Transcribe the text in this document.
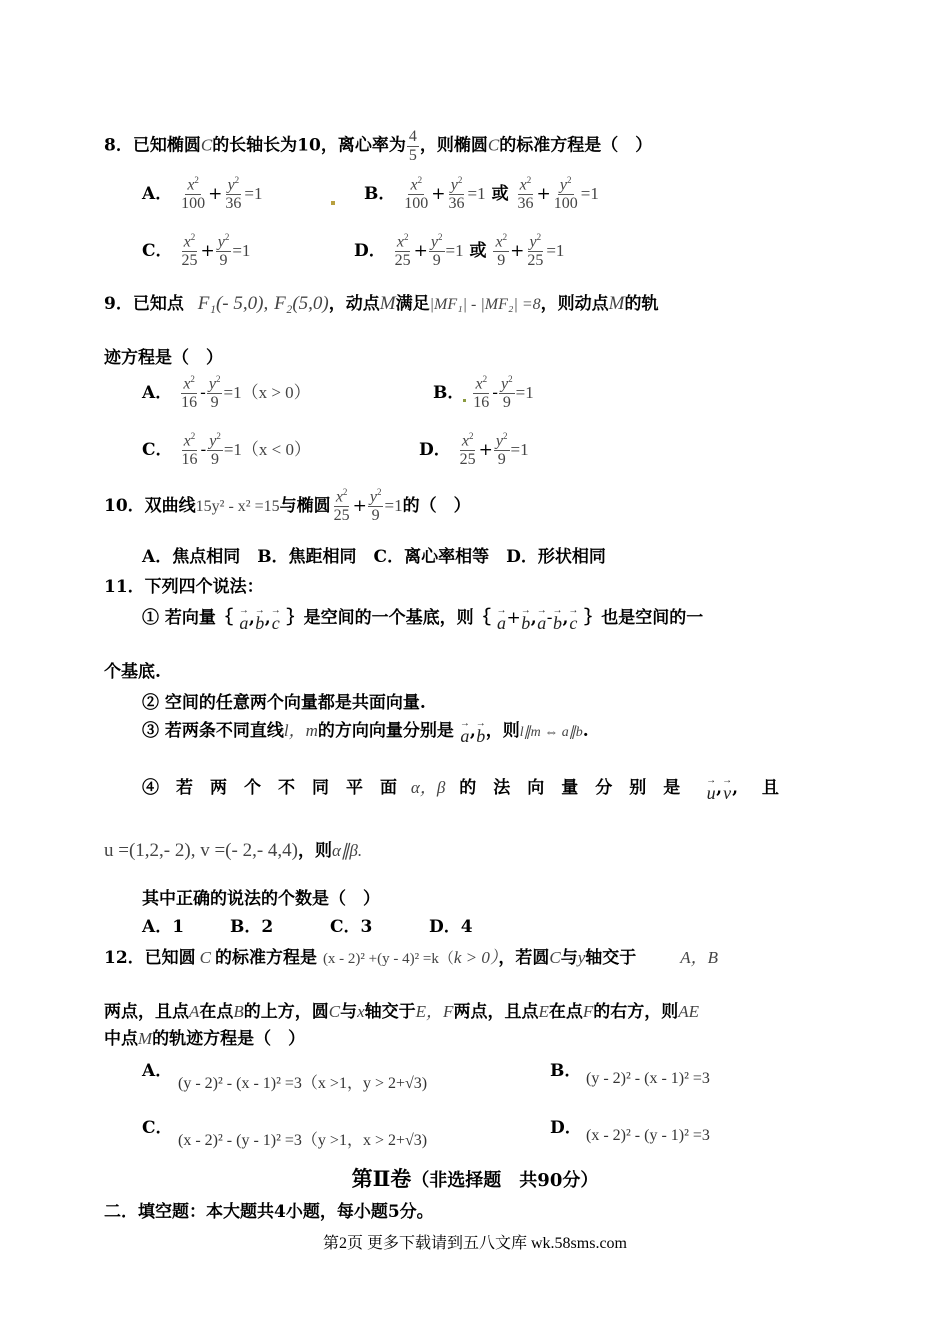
8．已知椭圆C的长轴长为10，离心率为 $\frac{4}{5}$ ，则椭圆C的标准方程是（　）
A． $\frac{x^2}{100} + \frac{y^2}{36} =1$	B． $\frac{x^2}{100} + \frac{y^2}{36} =1$ 或 $\frac{x^2}{36} + \frac{y^2}{100} =1$
C． $\frac{x^2}{25} + \frac{y^2}{9} =1$	D． $\frac{x^2}{25} + \frac{y^2}{9} =1$ 或 $\frac{x^2}{9} + \frac{y^2}{25} =1$
9．已知点 F₁(- 5,0), F₂(5,0)，动点M满足|MF₁| - |MF₂| =8，则动点M的轨
迹方程是（　）
A． $\frac{x^2}{16} - \frac{y^2}{9} =1(x > 0)$	B． $\frac{x^2}{16} - \frac{y^2}{9} =1$
C． $\frac{x^2}{16} - \frac{y^2}{9} =1(x < 0)$	D． $\frac{x^2}{25} + \frac{y^2}{9} =1$
10．双曲线15y² - x² =15与椭圆 $\frac{x^2}{25} + \frac{y^2}{9} =1$的（　）
A．焦点相同　B．焦距相同　C．离心率相等　D．形状相同
11．下列四个说法：
① 若向量｛ →
a, →
b, →
c ｝是空间的一个基底，则｛ →
a+ →
b, →
a- →
b, →
c ｝也是空间的一
个基底.
② 空间的任意两个向量都是共面向量.
③ 若两条不同直线l，m的方向向量分别是 →
a, →
b，则l∥m ⇔ a∥b.
④　若　两　个　不　同　平　面 α，β 的　法　向　量　分　别　是	→
u, →
v, 且
u =(1,2,- 2), v =(- 2,- 4,4)，则α∥β.
其中正确的说法的个数是（　）
A．1	B．2	C．3	D．4
12．已知圆 C 的标准方程是 (x - 2)² +(y - 4)² =k（k > 0），若圆C与y轴交于	A，B
两点，且点A在点B的上方，圆C与x轴交于E，F两点，且点E在点F的右方，则AE
中点M的轨迹方程是（　）
A．
(y - 2)² - (x - 1)² =3（x >1，y > 2+√3)
B． (y - 2)² - (x - 1)² =3
C．
(x - 2)² - (y - 1)² =3（y >1，x > 2+√3)
D． (x - 2)² - (y - 1)² =3
第Ⅱ卷（非选择题　共90分）
二．填空题：本大题共4小题，每小题5分。
第2页 更多下载请到五八文库 wk.58sms.com
